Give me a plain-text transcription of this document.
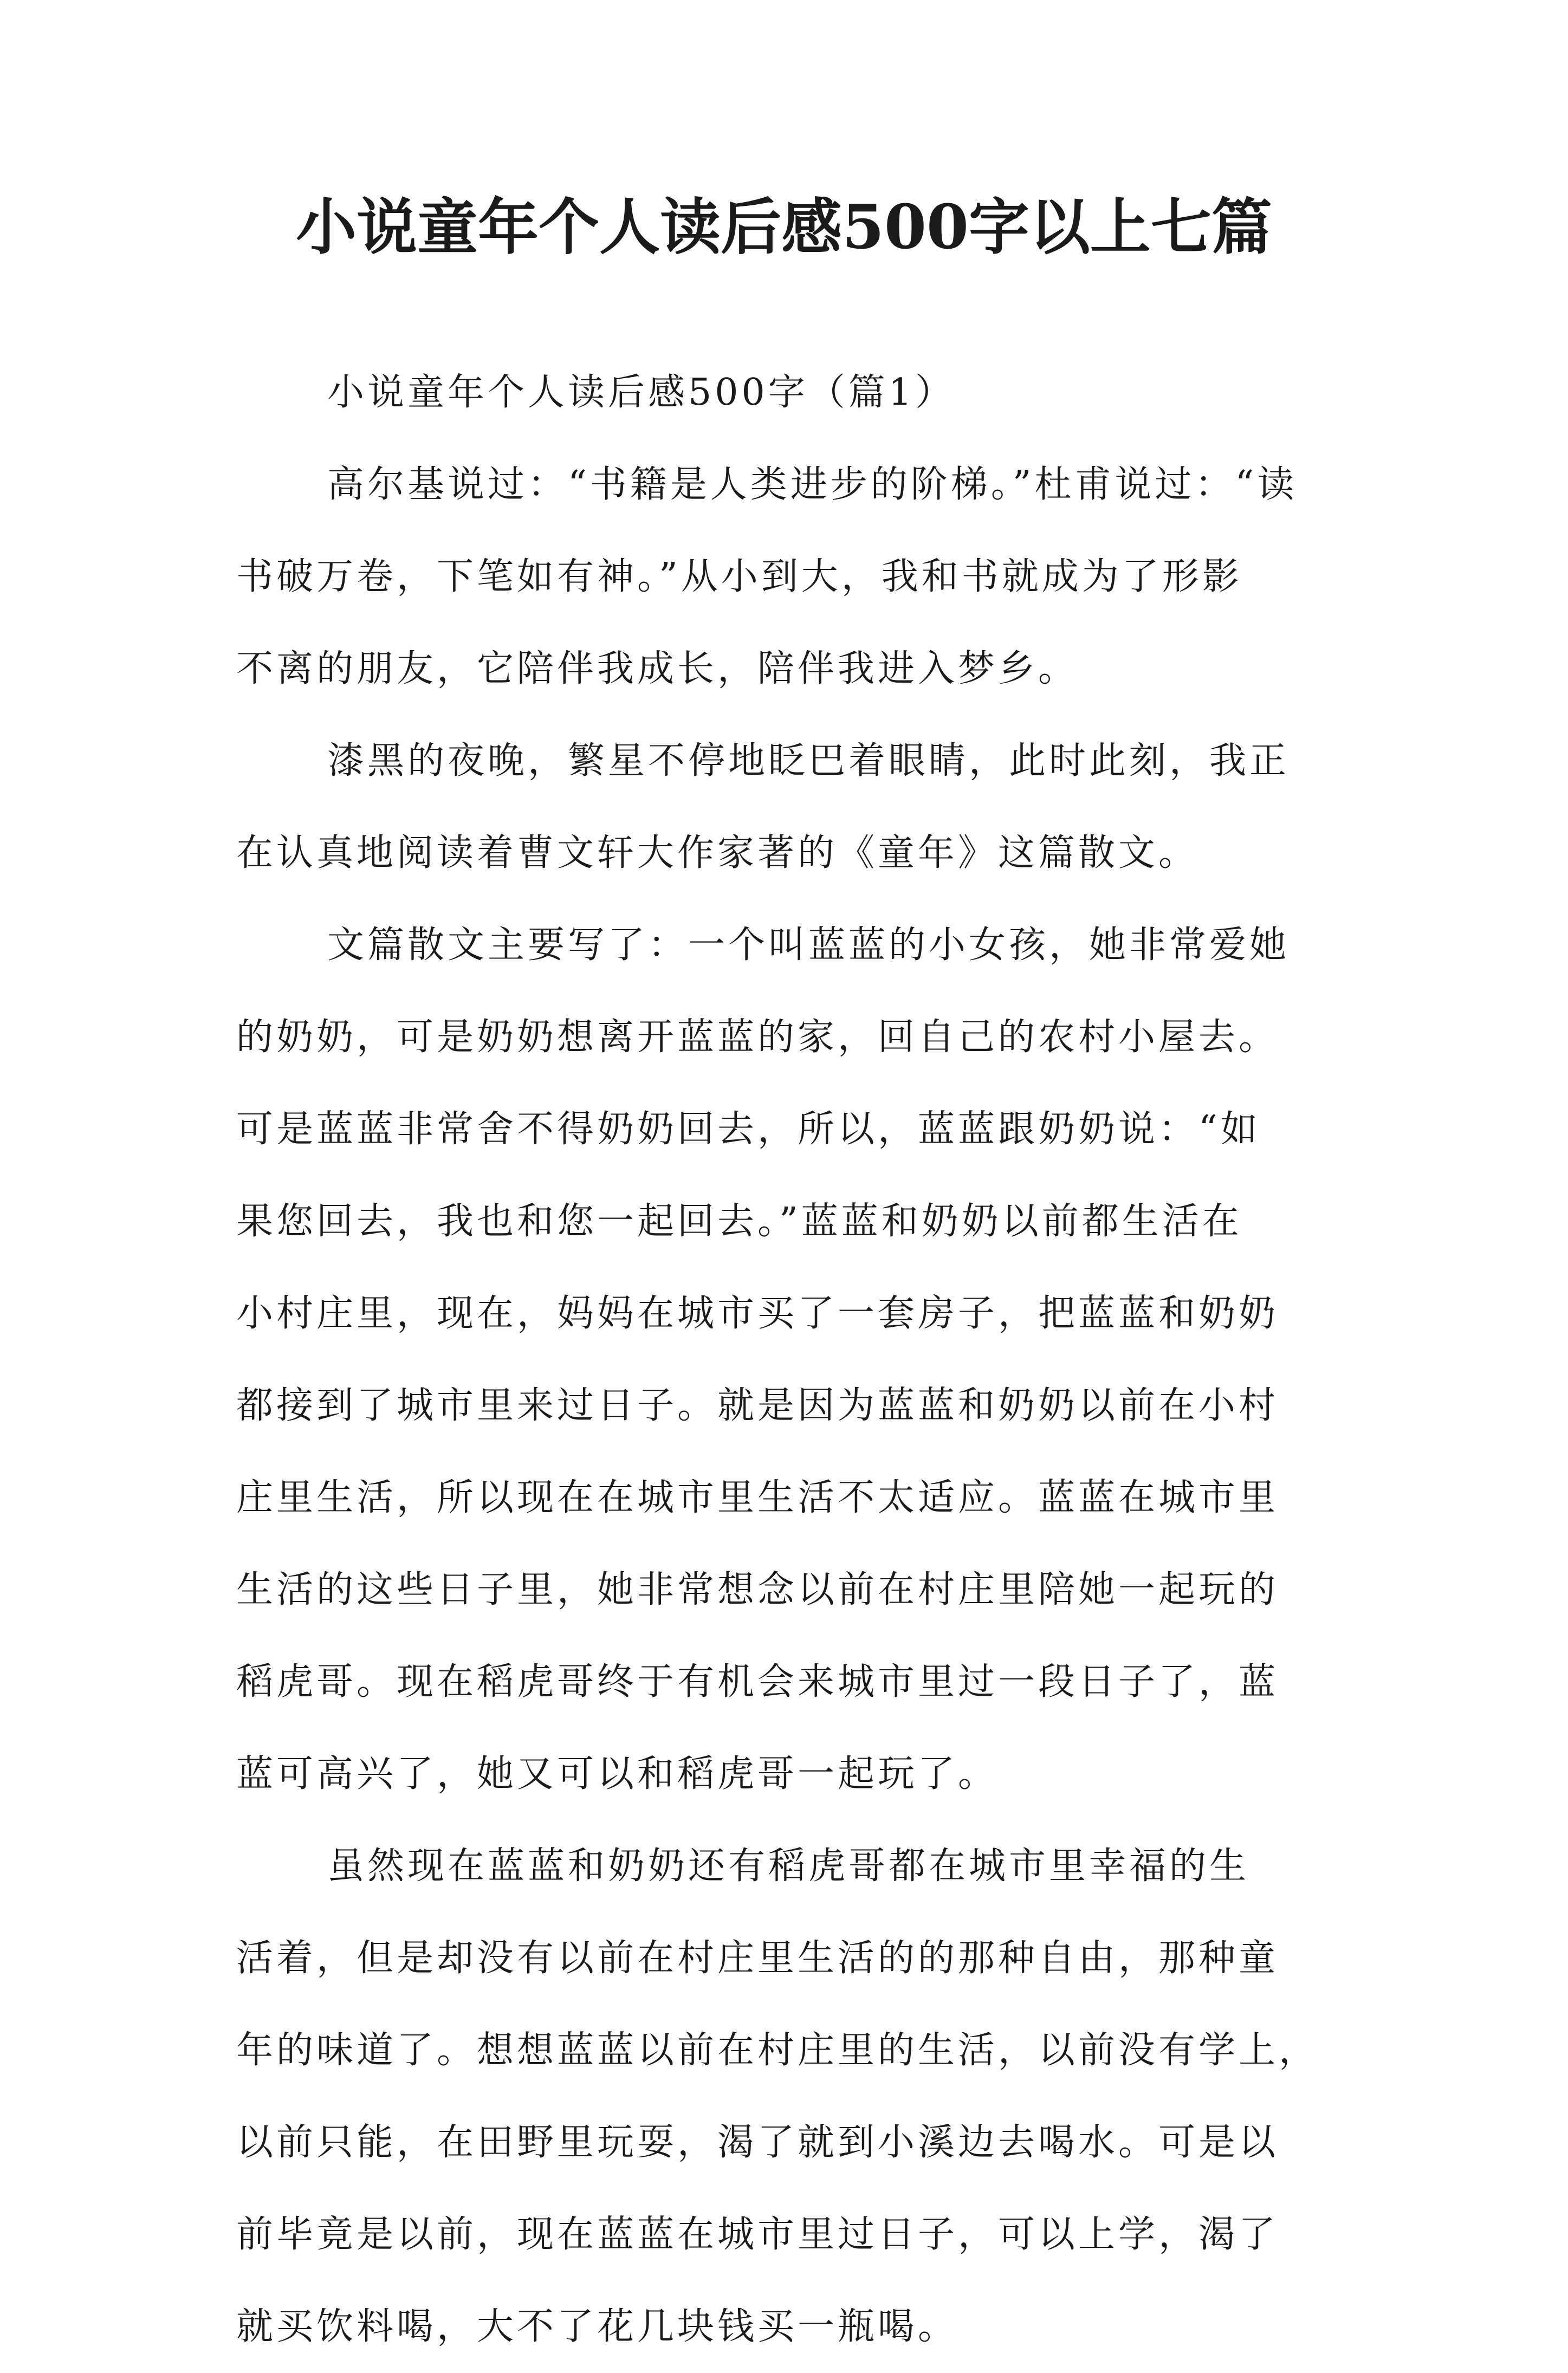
小说童年个人读后感500字以上七篇
小说童年个人读后感500字（篇1）
高尔基说过：“书籍是人类进步的阶梯。”杜甫说过：“读
书破万卷，下笔如有神。”从小到大，我和书就成为了形影
不离的朋友，它陪伴我成长，陪伴我进入梦乡。
漆黑的夜晚，繁星不停地眨巴着眼睛，此时此刻，我正
在认真地阅读着曹文轩大作家著的《童年》这篇散文。
文篇散文主要写了：一个叫蓝蓝的小女孩，她非常爱她
的奶奶，可是奶奶想离开蓝蓝的家，回自己的农村小屋去。
可是蓝蓝非常舍不得奶奶回去，所以，蓝蓝跟奶奶说：“如
果您回去，我也和您一起回去。”蓝蓝和奶奶以前都生活在
小村庄里，现在，妈妈在城市买了一套房子，把蓝蓝和奶奶
都接到了城市里来过日子。就是因为蓝蓝和奶奶以前在小村
庄里生活，所以现在在城市里生活不太适应。蓝蓝在城市里
生活的这些日子里，她非常想念以前在村庄里陪她一起玩的
稻虎哥。现在稻虎哥终于有机会来城市里过一段日子了，蓝
蓝可高兴了，她又可以和稻虎哥一起玩了。
虽然现在蓝蓝和奶奶还有稻虎哥都在城市里幸福的生
活着，但是却没有以前在村庄里生活的的那种自由，那种童
年的味道了。想想蓝蓝以前在村庄里的生活，以前没有学上，
以前只能，在田野里玩耍，渴了就到小溪边去喝水。可是以
前毕竟是以前，现在蓝蓝在城市里过日子，可以上学，渴了
就买饮料喝，大不了花几块钱买一瓶喝。
